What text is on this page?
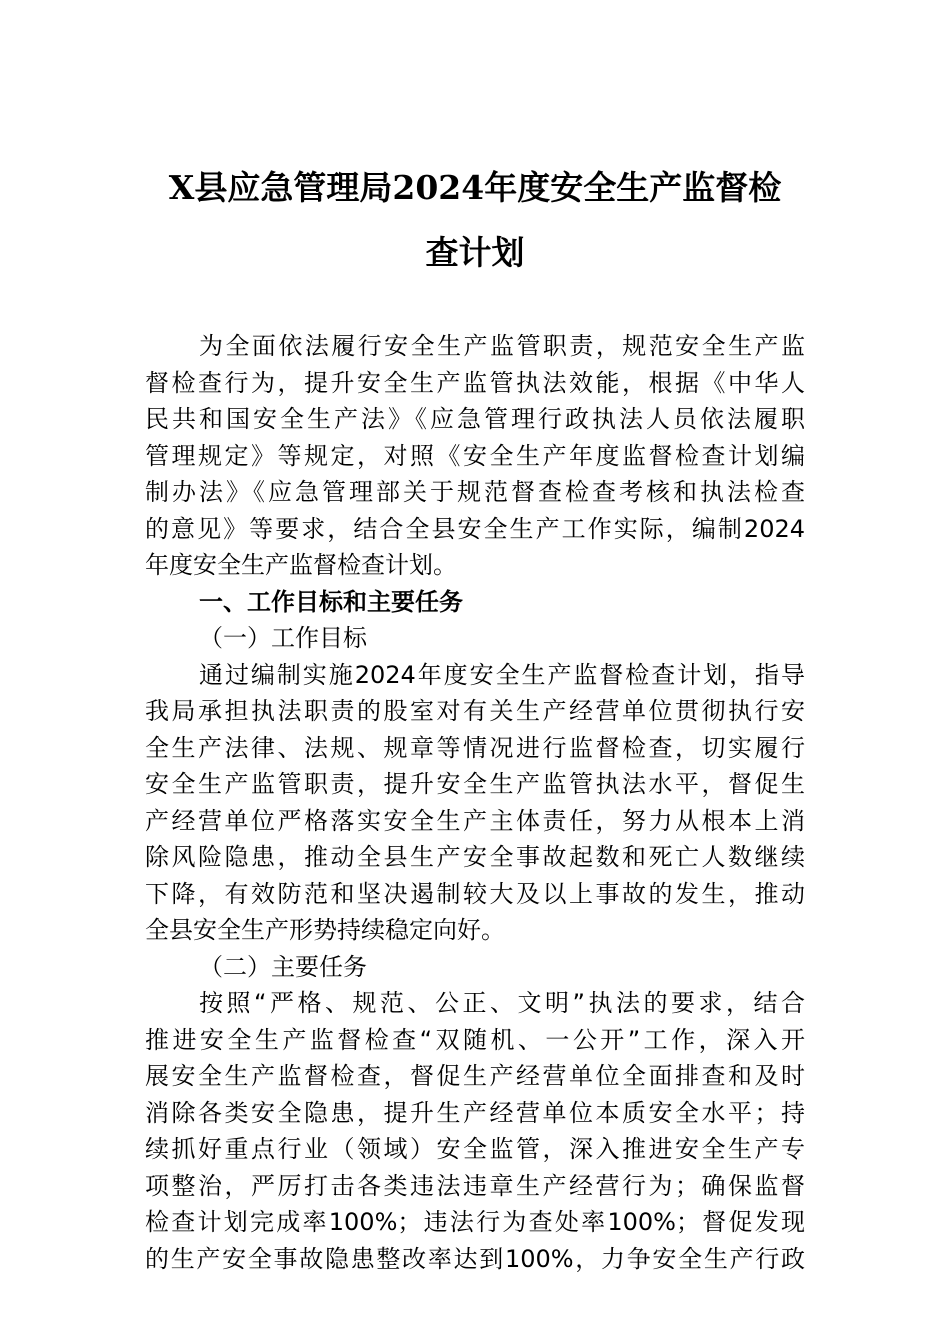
X县应急管理局2024年度安全生产监督检
查计划
为全面依法履行安全生产监管职责，规范安全生产监
督检查行为，提升安全生产监管执法效能，根据《中华人
民共和国安全生产法》《应急管理行政执法人员依法履职
管理规定》等规定，对照《安全生产年度监督检查计划编
制办法》《应急管理部关于规范督查检查考核和执法检查
的意见》等要求，结合全县安全生产工作实际，编制2024
年度安全生产监督检查计划。
一、工作目标和主要任务
（一）工作目标
通过编制实施2024年度安全生产监督检查计划，指导
我局承担执法职责的股室对有关生产经营单位贯彻执行安
全生产法律、法规、规章等情况进行监督检查，切实履行
安全生产监管职责，提升安全生产监管执法水平，督促生
产经营单位严格落实安全生产主体责任，努力从根本上消
除风险隐患，推动全县生产安全事故起数和死亡人数继续
下降，有效防范和坚决遏制较大及以上事故的发生，推动
全县安全生产形势持续稳定向好。
（二）主要任务
按照“严格、规范、公正、文明”执法的要求，结合
推进安全生产监督检查“双随机、一公开”工作，深入开
展安全生产监督检查，督促生产经营单位全面排查和及时
消除各类安全隐患，提升生产经营单位本质安全水平；持
续抓好重点行业（领域）安全监管，深入推进安全生产专
项整治，严厉打击各类违法违章生产经营行为；确保监督
检查计划完成率100%；违法行为查处率100%；督促发现
的生产安全事故隐患整改率达到100%，力争安全生产行政
